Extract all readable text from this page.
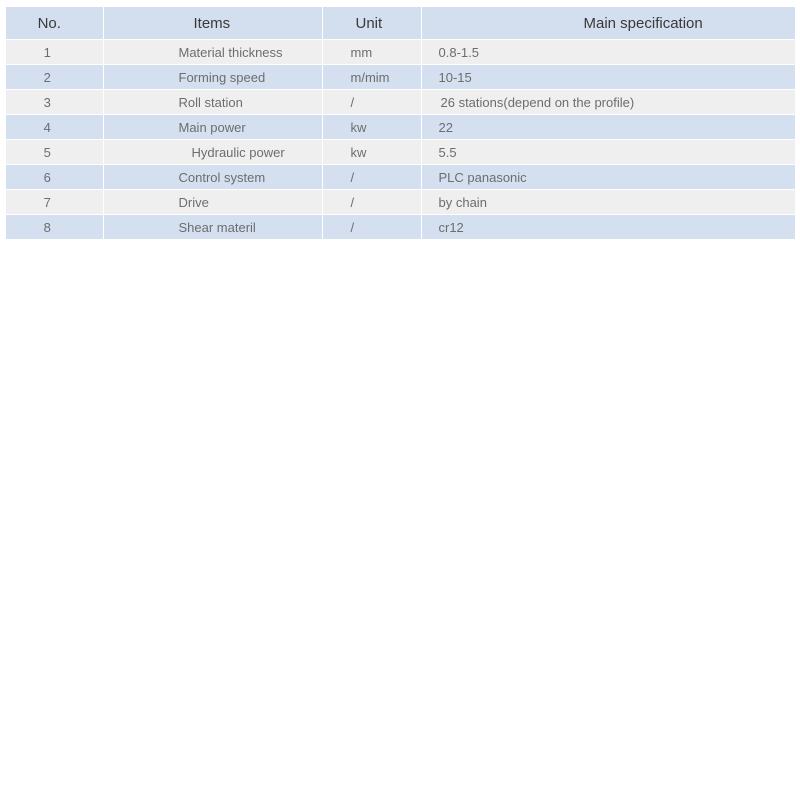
No.	Items	Unit	Main specification
1	Material thickness	mm	0.8-1.5
2	Forming speed	m/mim	10-15
3	Roll station	/	26 stations(depend on the profile)
4	Main power	kw	22
5	Hydraulic power	kw	5.5
6	Control system	/	PLC panasonic
7	Drive	/	by chain
8	Shear materil	/	cr12
